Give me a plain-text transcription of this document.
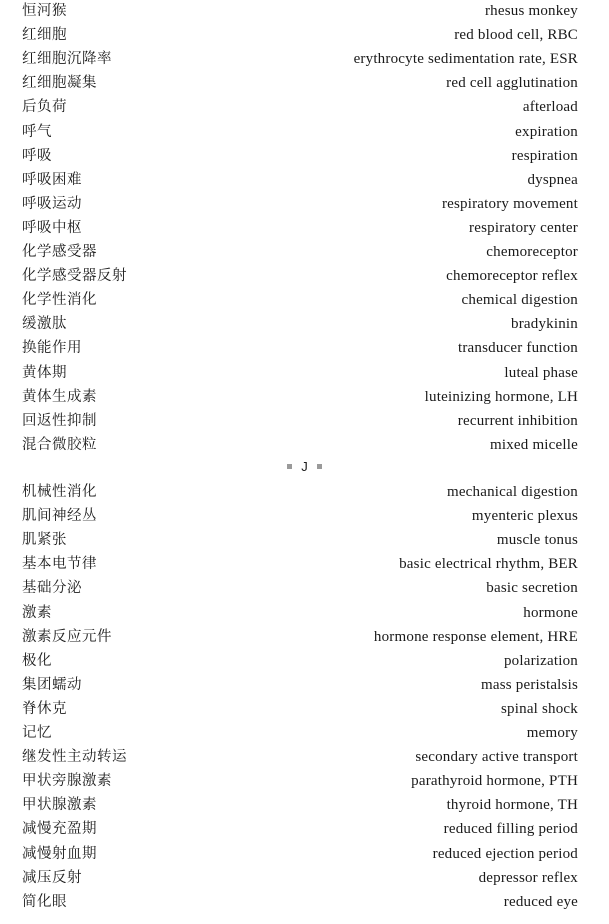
恒河猴	rhesus monkey
红细胞	red blood cell, RBC
红细胞沉降率	erythrocyte sedimentation rate, ESR
红细胞凝集	red cell agglutination
后负荷	afterload
呼气	expiration
呼吸	respiration
呼吸困难	dyspnea
呼吸运动	respiratory movement
呼吸中枢	respiratory center
化学感受器	chemoreceptor
化学感受器反射	chemoreceptor reflex
化学性消化	chemical digestion
缓激肽	bradykinin
换能作用	transducer function
黄体期	luteal phase
黄体生成素	luteinizing hormone, LH
回返性抑制	recurrent inhibition
混合微胶粒	mixed micelle
J
机械性消化	mechanical digestion
肌间神经丛	myenteric plexus
肌紧张	muscle tonus
基本电节律	basic electrical rhythm, BER
基础分泌	basic secretion
激素	hormone
激素反应元件	hormone response element, HRE
极化	polarization
集团蠕动	mass peristalsis
脊休克	spinal shock
记忆	memory
继发性主动转运	secondary active transport
甲状旁腺激素	parathyroid hormone, PTH
甲状腺激素	thyroid hormone, TH
减慢充盈期	reduced filling period
减慢射血期	reduced ejection period
减压反射	depressor reflex
简化眼	reduced eye
